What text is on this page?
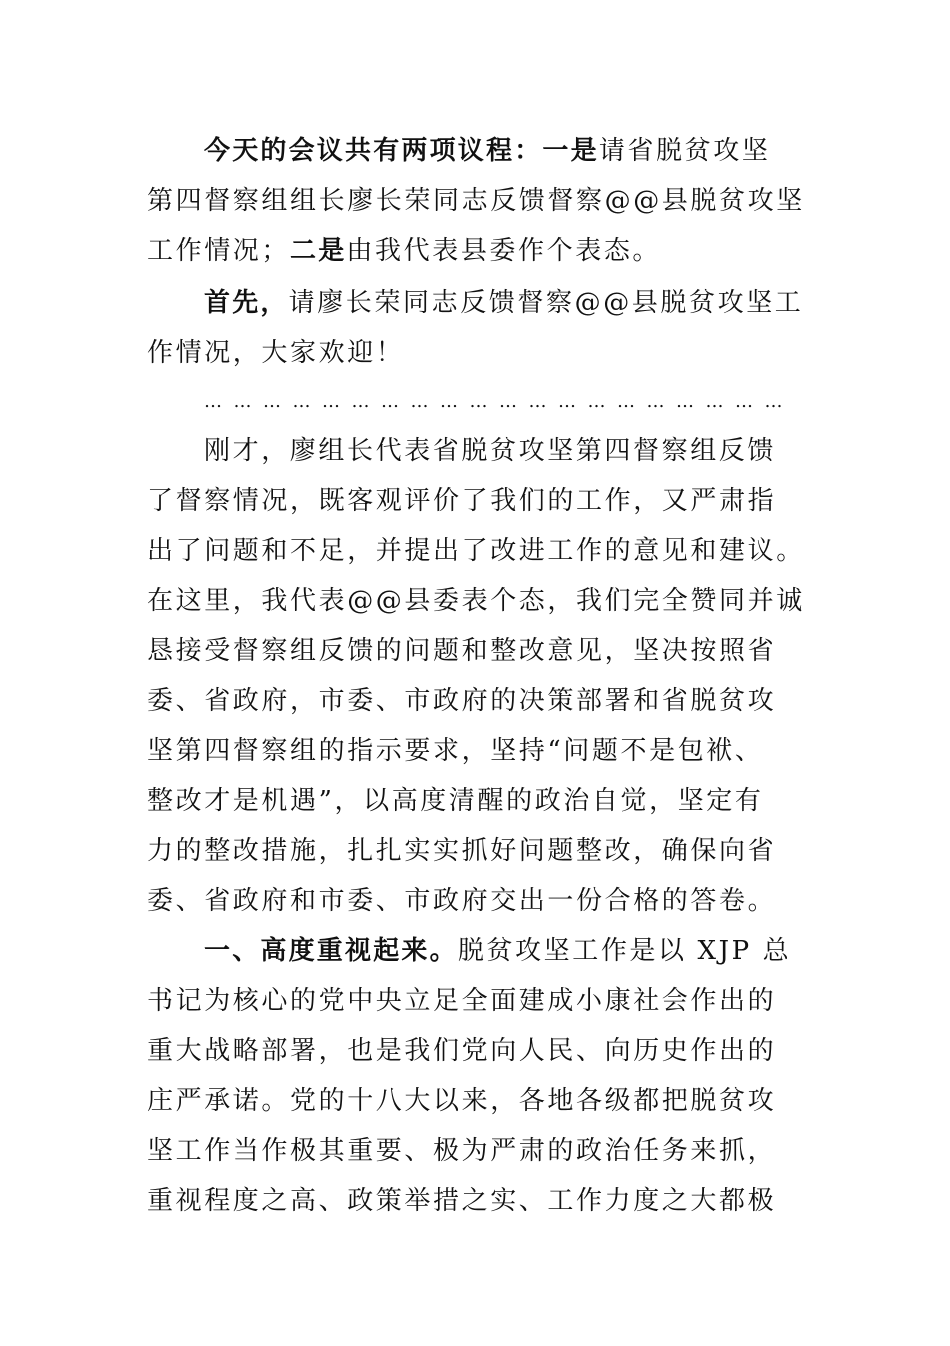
今天的会议共有两项议程：一是请省脱贫攻坚
第四督察组组长廖长荣同志反馈督察@@县脱贫攻坚
工作情况；二是由我代表县委作个表态。
首先，请廖长荣同志反馈督察@@县脱贫攻坚工
作情况，大家欢迎！
… … … … … … … … … … … … … … … … … … … …
刚才，廖组长代表省脱贫攻坚第四督察组反馈
了督察情况，既客观评价了我们的工作，又严肃指
出了问题和不足，并提出了改进工作的意见和建议。
在这里，我代表@@县委表个态，我们完全赞同并诚
恳接受督察组反馈的问题和整改意见，坚决按照省
委、省政府，市委、市政府的决策部署和省脱贫攻
坚第四督察组的指示要求，坚持“问题不是包袱、
整改才是机遇”，以高度清醒的政治自觉，坚定有
力的整改措施，扎扎实实抓好问题整改，确保向省
委、省政府和市委、市政府交出一份合格的答卷。
一、高度重视起来。脱贫攻坚工作是以 XJP 总
书记为核心的党中央立足全面建成小康社会作出的
重大战略部署，也是我们党向人民、向历史作出的
庄严承诺。党的十八大以来，各地各级都把脱贫攻
坚工作当作极其重要、极为严肃的政治任务来抓，
重视程度之高、政策举措之实、工作力度之大都极
